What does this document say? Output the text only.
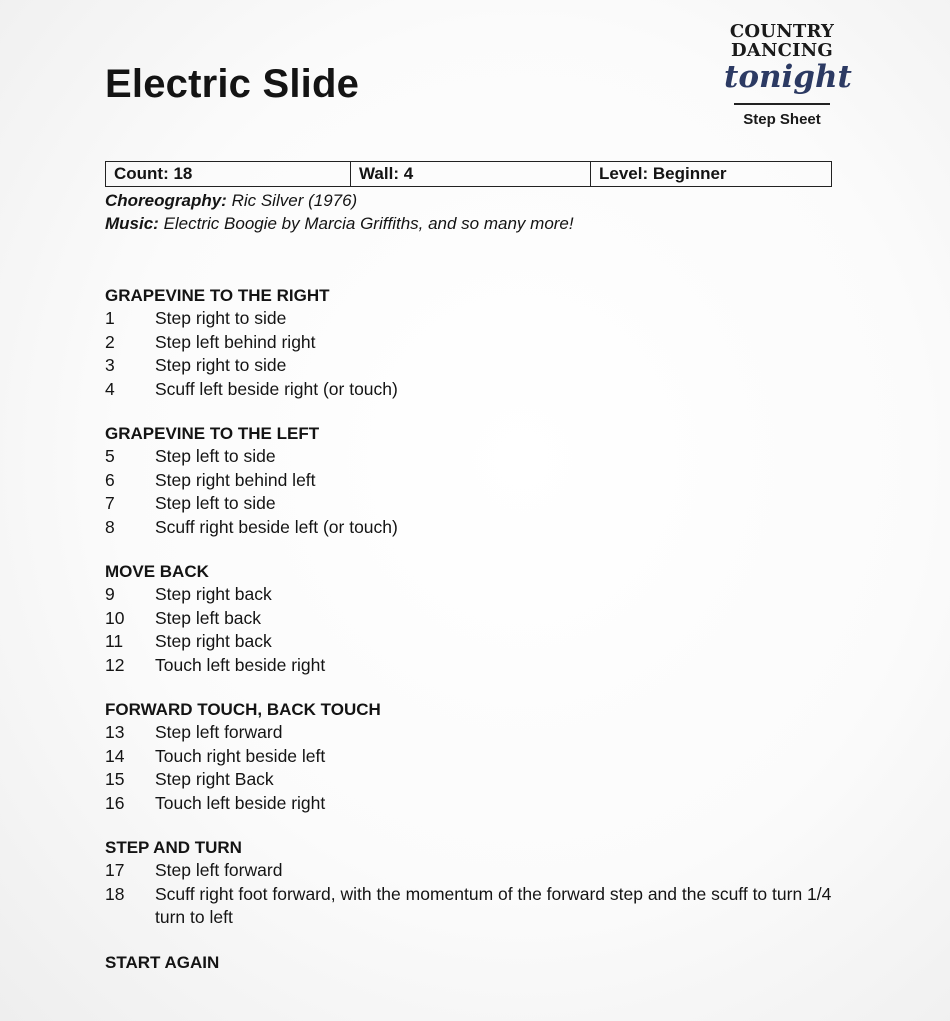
Electric Slide
COUNTRY
DANCING
tonight
Step Sheet
Count: 18	Wall: 4	Level: Beginner
Choreography: Ric Silver (1976)
Music: Electric Boogie by Marcia Griffiths, and so many more!
GRAPEVINE TO THE RIGHT
1	Step right to side
2	Step left behind right
3	Step right to side
4	Scuff left beside right (or touch)
GRAPEVINE TO THE LEFT
5	Step left to side
6	Step right behind left
7	Step left to side
8	Scuff right beside left (or touch)
MOVE BACK
9	Step right back
10	Step left back
11	Step right back
12	Touch left beside right
FORWARD TOUCH, BACK TOUCH
13	Step left forward
14	Touch right beside left
15	Step right Back
16	Touch left beside right
STEP AND TURN
17	Step left forward
18	Scuff right foot forward, with the momentum of the forward step and the scuff to turn 1/4 turn to left
START AGAIN
